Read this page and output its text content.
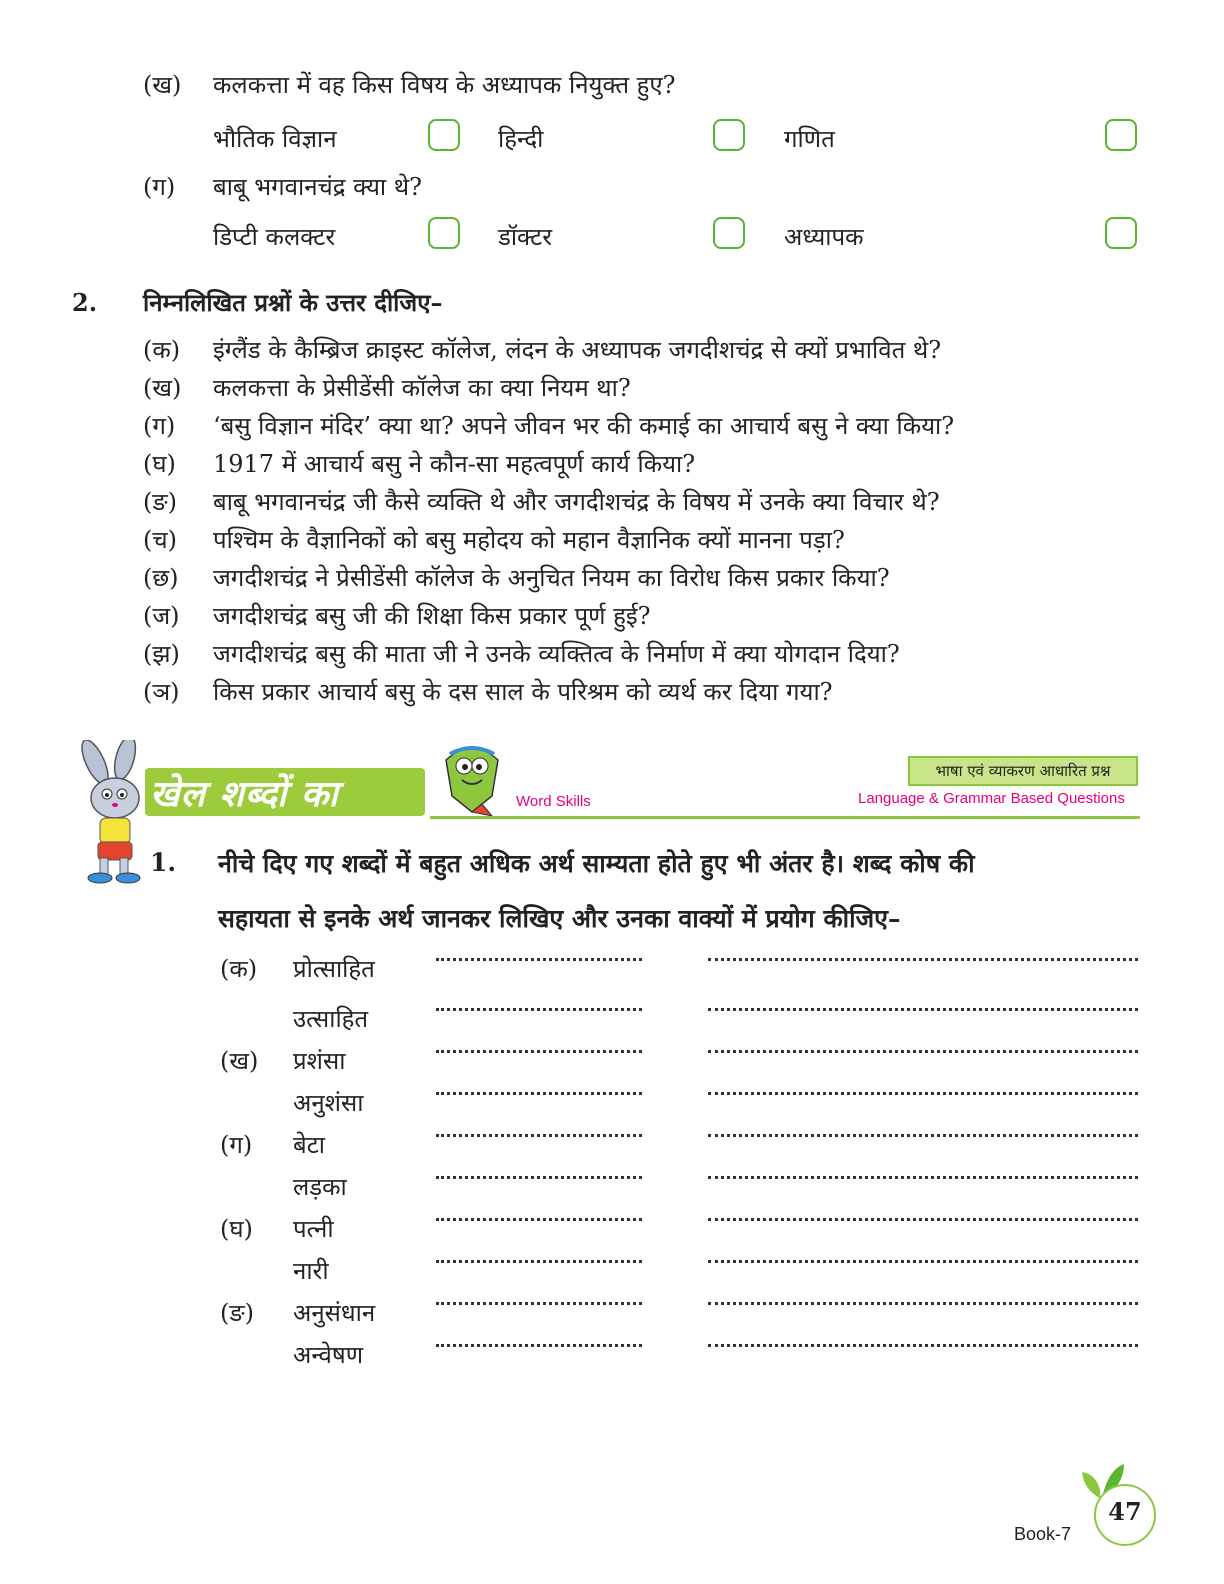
(ख) कलकत्ता में वह किस विषय के अध्यापक नियुक्त हुए?
भौतिक विज्ञान	हिन्दी	गणित
(ग) बाबू भगवानचंद्र क्या थे?
डिप्टी कलक्टर	डॉक्टर	अध्यापक
2. निम्नलिखित प्रश्नों के उत्तर दीजिए–
(क) इंग्लैंड के कैम्ब्रिज क्राइस्ट कॉलेज, लंदन के अध्यापक जगदीशचंद्र से क्यों प्रभावित थे?
(ख) कलकत्ता के प्रेसीडेंसी कॉलेज का क्या नियम था?
(ग) ‘बसु विज्ञान मंदिर’ क्या था? अपने जीवन भर की कमाई का आचार्य बसु ने क्या किया?
(घ) 1917 में आचार्य बसु ने कौन-सा महत्वपूर्ण कार्य किया?
(ङ) बाबू भगवानचंद्र जी कैसे व्यक्ति थे और जगदीशचंद्र के विषय में उनके क्या विचार थे?
(च) पश्चिम के वैज्ञानिकों को बसु महोदय को महान वैज्ञानिक क्यों मानना पड़ा?
(छ) जगदीशचंद्र ने प्रेसीडेंसी कॉलेज के अनुचित नियम का विरोध किस प्रकार किया?
(ज) जगदीशचंद्र बसु जी की शिक्षा किस प्रकार पूर्ण हुई?
(झ) जगदीशचंद्र बसु की माता जी ने उनके व्यक्तित्व के निर्माण में क्या योगदान दिया?
(ञ) किस प्रकार आचार्य बसु के दस साल के परिश्रम को व्यर्थ कर दिया गया?
खेल शब्दों का	Word Skills
भाषा एवं व्याकरण आधारित प्रश्न
Language & Grammar Based Questions
1. नीचे दिए गए शब्दों में बहुत अधिक अर्थ साम्यता होते हुए भी अंतर है। शब्द कोष की
सहायता से इनके अर्थ जानकर लिखिए और उनका वाक्यों में प्रयोग कीजिए–
(क) प्रोत्साहित
उत्साहित
(ख) प्रशंसा
अनुशंसा
(ग) बेटा
लड़का
(घ) पत्नी
नारी
(ङ) अनुसंधान
अन्वेषण
Book-7
47
